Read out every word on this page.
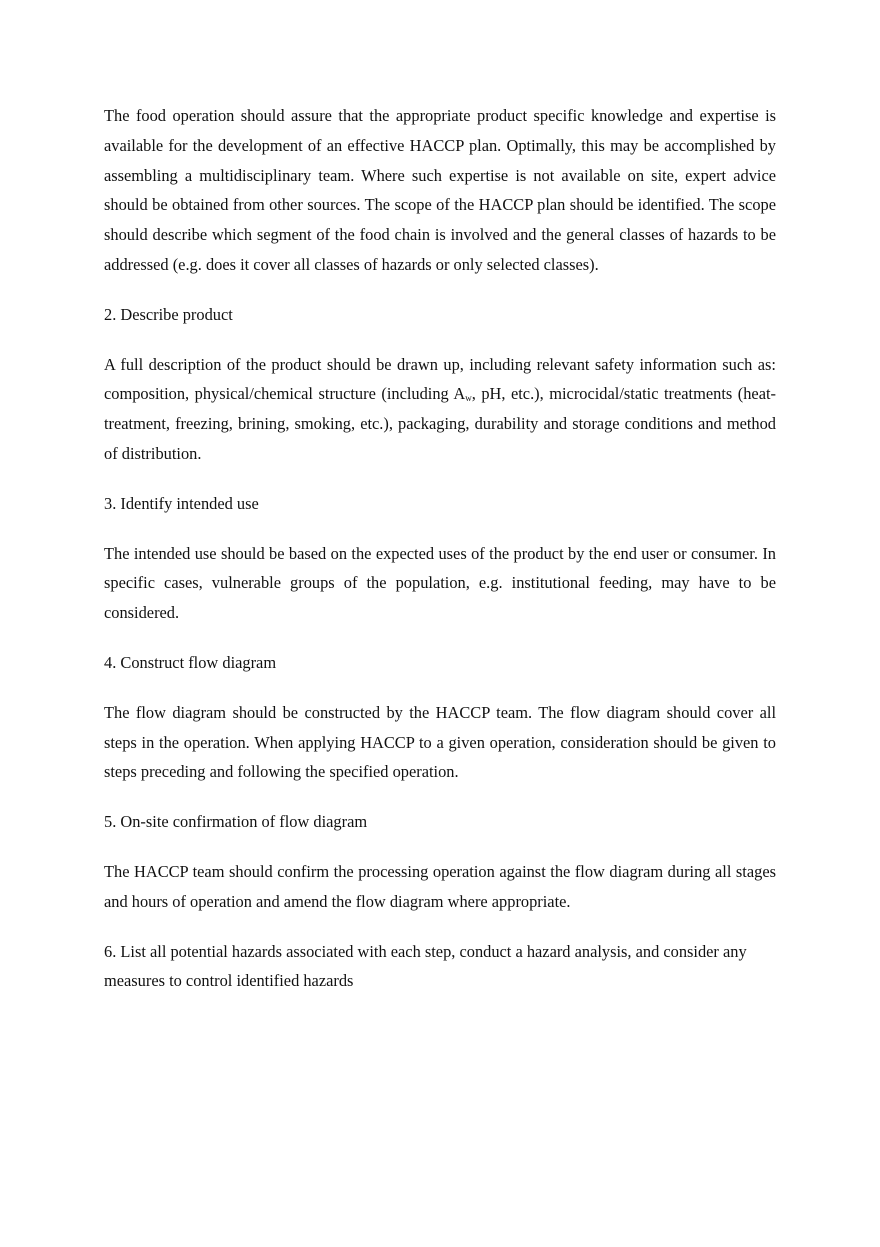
The food operation should assure that the appropriate product specific knowledge and expertise is available for the development of an effective HACCP plan. Optimally, this may be accomplished by assembling a multidisciplinary team. Where such expertise is not available on site, expert advice should be obtained from other sources. The scope of the HACCP plan should be identified. The scope should describe which segment of the food chain is involved and the general classes of hazards to be addressed (e.g. does it cover all classes of hazards or only selected classes).

2. Describe product

A full description of the product should be drawn up, including relevant safety information such as: composition, physical/chemical structure (including $A_w$, pH, etc.), microcidal/static treatments (heat-treatment, freezing, brining, smoking, etc.), packaging, durability and storage conditions and method of distribution.

3. Identify intended use

The intended use should be based on the expected uses of the product by the end user or consumer. In specific cases, vulnerable groups of the population, e.g. institutional feeding, may have to be considered.

4. Construct flow diagram

The flow diagram should be constructed by the HACCP team. The flow diagram should cover all steps in the operation. When applying HACCP to a given operation, consideration should be given to steps preceding and following the specified operation.

5. On-site confirmation of flow diagram

The HACCP team should confirm the processing operation against the flow diagram during all stages and hours of operation and amend the flow diagram where appropriate.

6. List all potential hazards associated with each step, conduct a hazard analysis, and consider any measures to control identified hazards
